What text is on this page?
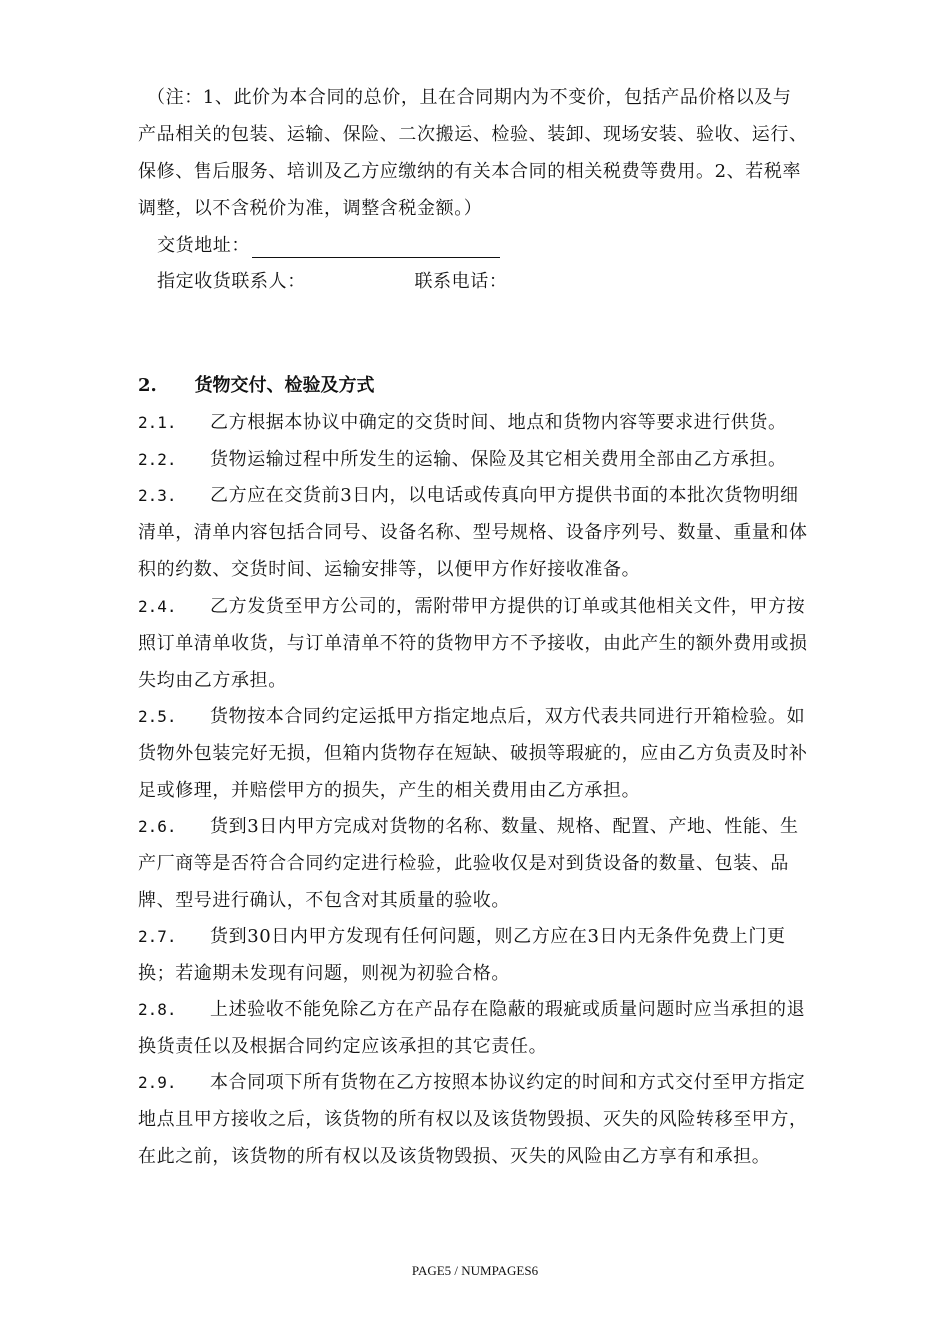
（注：1、此价为本合同的总价，且在合同期内为不变价，包括产品价格以及与产品相关的包装、运输、保险、二次搬运、检验、装卸、现场安装、验收、运行、保修、售后服务、培训及乙方应缴纳的有关本合同的相关税费等费用。2、若税率调整，以不含税价为准，调整含税金额。）
交货地址：
指定收货联系人：	联系电话：
2. 货物交付、检验及方式
2.1. 乙方根据本协议中确定的交货时间、地点和货物内容等要求进行供货。
2.2. 货物运输过程中所发生的运输、保险及其它相关费用全部由乙方承担。
2.3. 乙方应在交货前3日内，以电话或传真向甲方提供书面的本批次货物明细清单，清单内容包括合同号、设备名称、型号规格、设备序列号、数量、重量和体积的约数、交货时间、运输安排等，以便甲方作好接收准备。
2.4. 乙方发货至甲方公司的，需附带甲方提供的订单或其他相关文件，甲方按照订单清单收货，与订单清单不符的货物甲方不予接收，由此产生的额外费用或损失均由乙方承担。
2.5. 货物按本合同约定运抵甲方指定地点后，双方代表共同进行开箱检验。如货物外包装完好无损，但箱内货物存在短缺、破损等瑕疵的，应由乙方负责及时补足或修理，并赔偿甲方的损失，产生的相关费用由乙方承担。
2.6. 货到3日内甲方完成对货物的名称、数量、规格、配置、产地、性能、生产厂商等是否符合合同约定进行检验，此验收仅是对到货设备的数量、包装、品牌、型号进行确认，不包含对其质量的验收。
2.7. 货到30日内甲方发现有任何问题，则乙方应在3日内无条件免费上门更换；若逾期未发现有问题，则视为初验合格。
2.8. 上述验收不能免除乙方在产品存在隐蔽的瑕疵或质量问题时应当承担的退换货责任以及根据合同约定应该承担的其它责任。
2.9. 本合同项下所有货物在乙方按照本协议约定的时间和方式交付至甲方指定地点且甲方接收之后，该货物的所有权以及该货物毁损、灭失的风险转移至甲方，在此之前，该货物的所有权以及该货物毁损、灭失的风险由乙方享有和承担。
PAGE5 / NUMPAGES6
